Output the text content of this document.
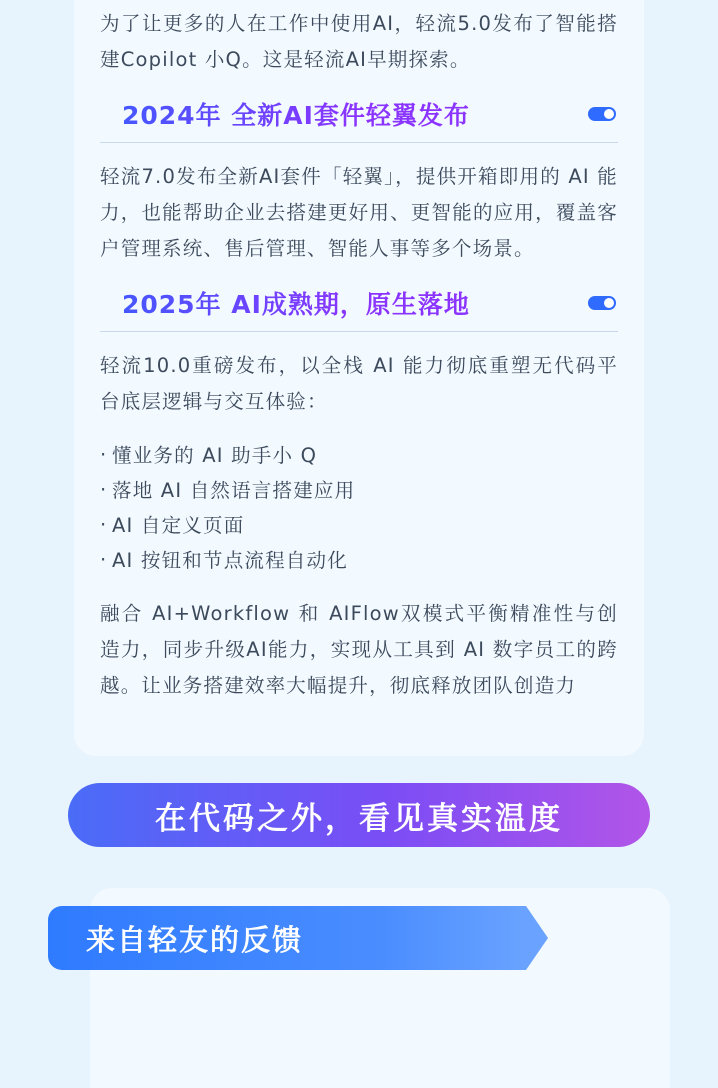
为了让更多的人在工作中使用AI，轻流5.0发布了智能搭建Copilot 小Q。这是轻流AI早期探索。

2024年 全新AI套件轻翼发布

轻流7.0发布全新AI套件「轻翼」，提供开箱即用的 AI 能力，也能帮助企业去搭建更好用、更智能的应用，覆盖客户管理系统、售后管理、智能人事等多个场景。

2025年 AI成熟期，原生落地

轻流10.0重磅发布，以全栈 AI 能力彻底重塑无代码平台底层逻辑与交互体验：

· 懂业务的 AI 助手小 Q
· 落地 AI 自然语言搭建应用
· AI 自定义页面
· AI 按钮和节点流程自动化

融合 AI+Workflow 和 AIFlow双模式平衡精准性与创造力，同步升级AI能力，实现从工具到 AI 数字员工的跨越。让业务搭建效率大幅提升，彻底释放团队创造力

在代码之外，看见真实温度
来自轻友的反馈
